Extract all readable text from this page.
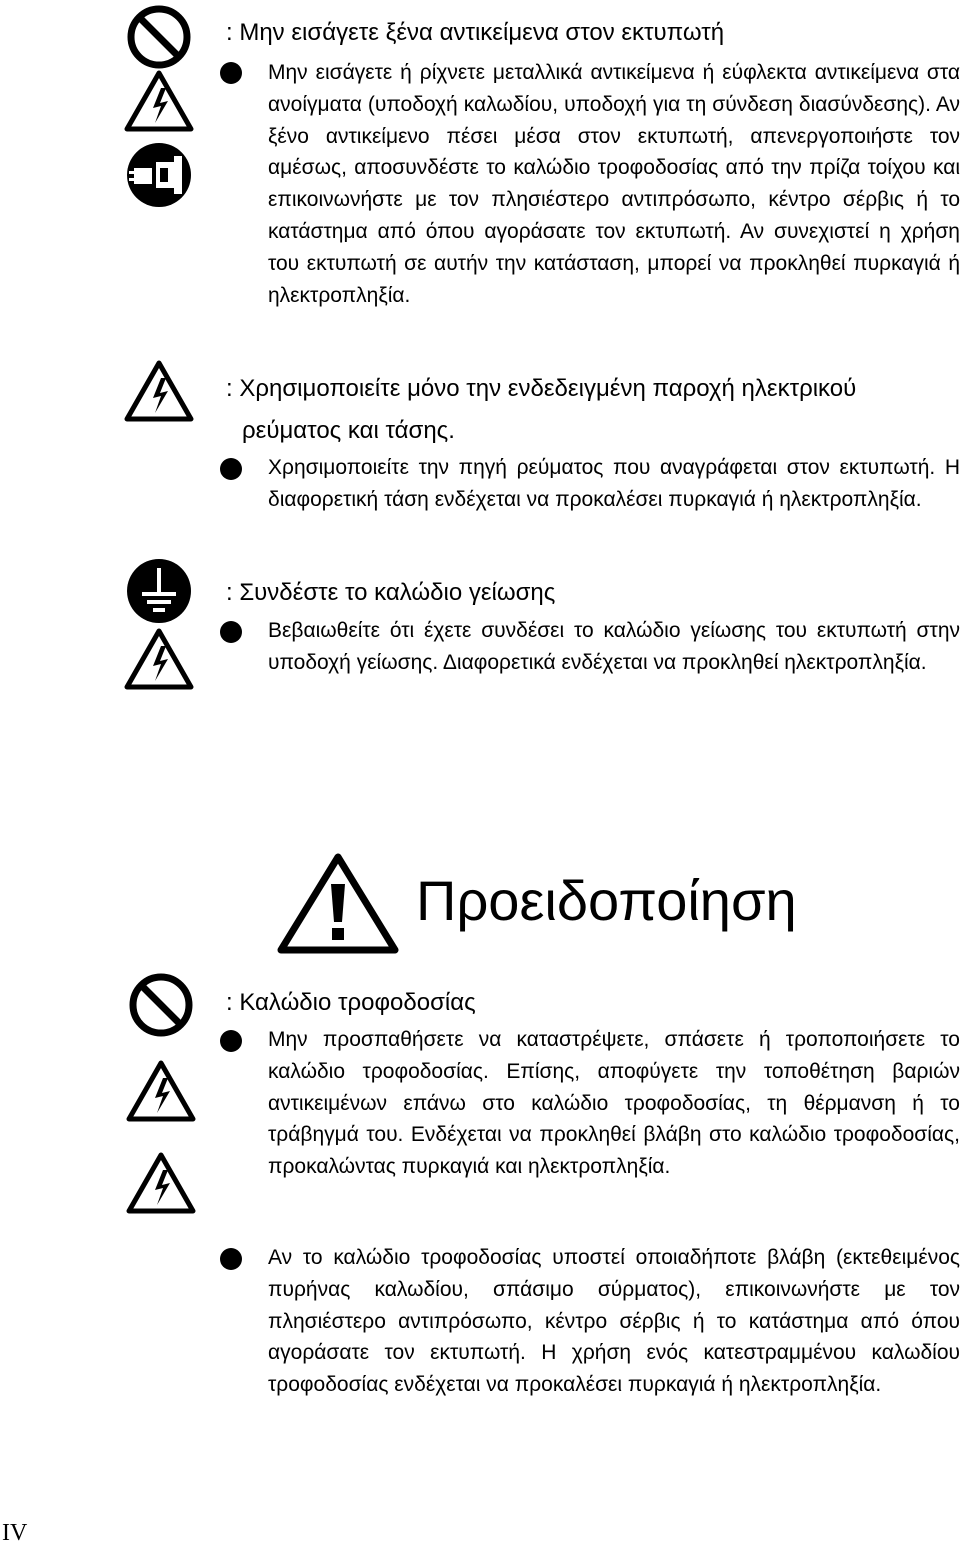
: Μην εισάγετε ξένα αντικείμενα στον εκτυπωτή

Μην εισάγετε ή ρίχνετε μεταλλικά αντικείμενα ή εύφλεκτα αντικείμενα στα ανοίγματα (υποδοχή καλωδίου, υποδοχή για τη σύνδεση διασύνδεσης). Αν ξένο αντικείμενο πέσει μέσα στον εκτυπωτή, απενεργοποιήστε τον αμέσως, αποσυνδέστε το καλώδιο τροφοδοσίας από την πρίζα τοίχου και επικοινωνήστε με τον πλησιέστερο αντιπρόσωπο, κέντρο σέρβις ή το κατάστημα από όπου αγοράσατε τον εκτυπωτή. Αν συνεχιστεί η χρήση του εκτυπωτή σε αυτήν την κατάσταση, μπορεί να προκληθεί πυρκαγιά ή ηλεκτροπληξία.

: Χρησιμοποιείτε μόνο την ενδεδειγμένη παροχή ηλεκτρικού
ρεύματος και τάσης.

Χρησιμοποιείτε την πηγή ρεύματος που αναγράφεται στον εκτυπωτή. Η διαφορετική τάση ενδέχεται να προκαλέσει πυρκαγιά ή ηλεκτροπληξία.

: Συνδέστε το καλώδιο γείωσης

Βεβαιωθείτε ότι έχετε συνδέσει το καλώδιο γείωσης του εκτυπωτή στην υποδοχή γείωσης. Διαφορετικά ενδέχεται να προκληθεί ηλεκτροπληξία.

Προειδοποίηση
: Καλώδιο τροφοδοσίας

Μην προσπαθήσετε να καταστρέψετε, σπάσετε ή τροποποιήσετε το καλώδιο τροφοδοσίας. Επίσης, αποφύγετε την τοποθέτηση βαριών αντικειμένων επάνω στο καλώδιο τροφοδοσίας, τη θέρμανση ή το τράβηγμά του. Ενδέχεται να προκληθεί βλάβη στο καλώδιο τροφοδοσίας, προκαλώντας πυρκαγιά και ηλεκτροπληξία.

Αν το καλώδιο τροφοδοσίας υποστεί οποιαδήποτε βλάβη (εκτεθειμένος πυρήνας καλωδίου, σπάσιμο σύρματος), επικοινωνήστε με τον πλησιέστερο αντιπρόσωπο, κέντρο σέρβις ή το κατάστημα από όπου αγοράσατε τον εκτυπωτή. Η χρήση ενός κατεστραμμένου καλωδίου τροφοδοσίας ενδέχεται να προκαλέσει πυρκαγιά ή ηλεκτροπληξία.

IV
